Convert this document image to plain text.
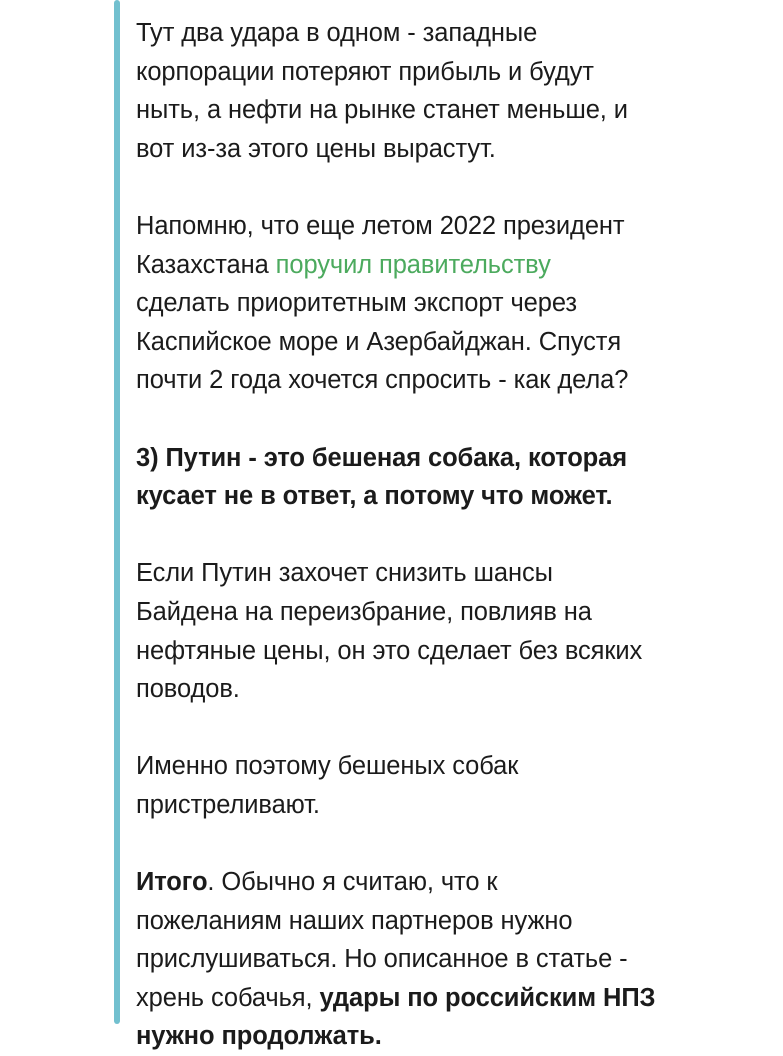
Тут два удара в одном - западные
корпорации потеряют прибыль и будут
ныть, а нефти на рынке станет меньше, и
вот из-за этого цены вырастут.
Напомню, что еще летом 2022 президент
Казахстана поручил правительству
сделать приоритетным экспорт через
Каспийское море и Азербайджан. Спустя
почти 2 года хочется спросить - как дела?
3) Путин - это бешеная собака, которая
кусает не в ответ, а потому что может.
Если Путин захочет снизить шансы
Байдена на переизбрание, повлияв на
нефтяные цены, он это сделает без всяких
поводов.
Именно поэтому бешеных собак
пристреливают.
Итого. Обычно я считаю, что к
пожеланиям наших партнеров нужно
прислушиваться. Но описанное в статье -
хрень собачья, удары по российским НПЗ
нужно продолжать.
